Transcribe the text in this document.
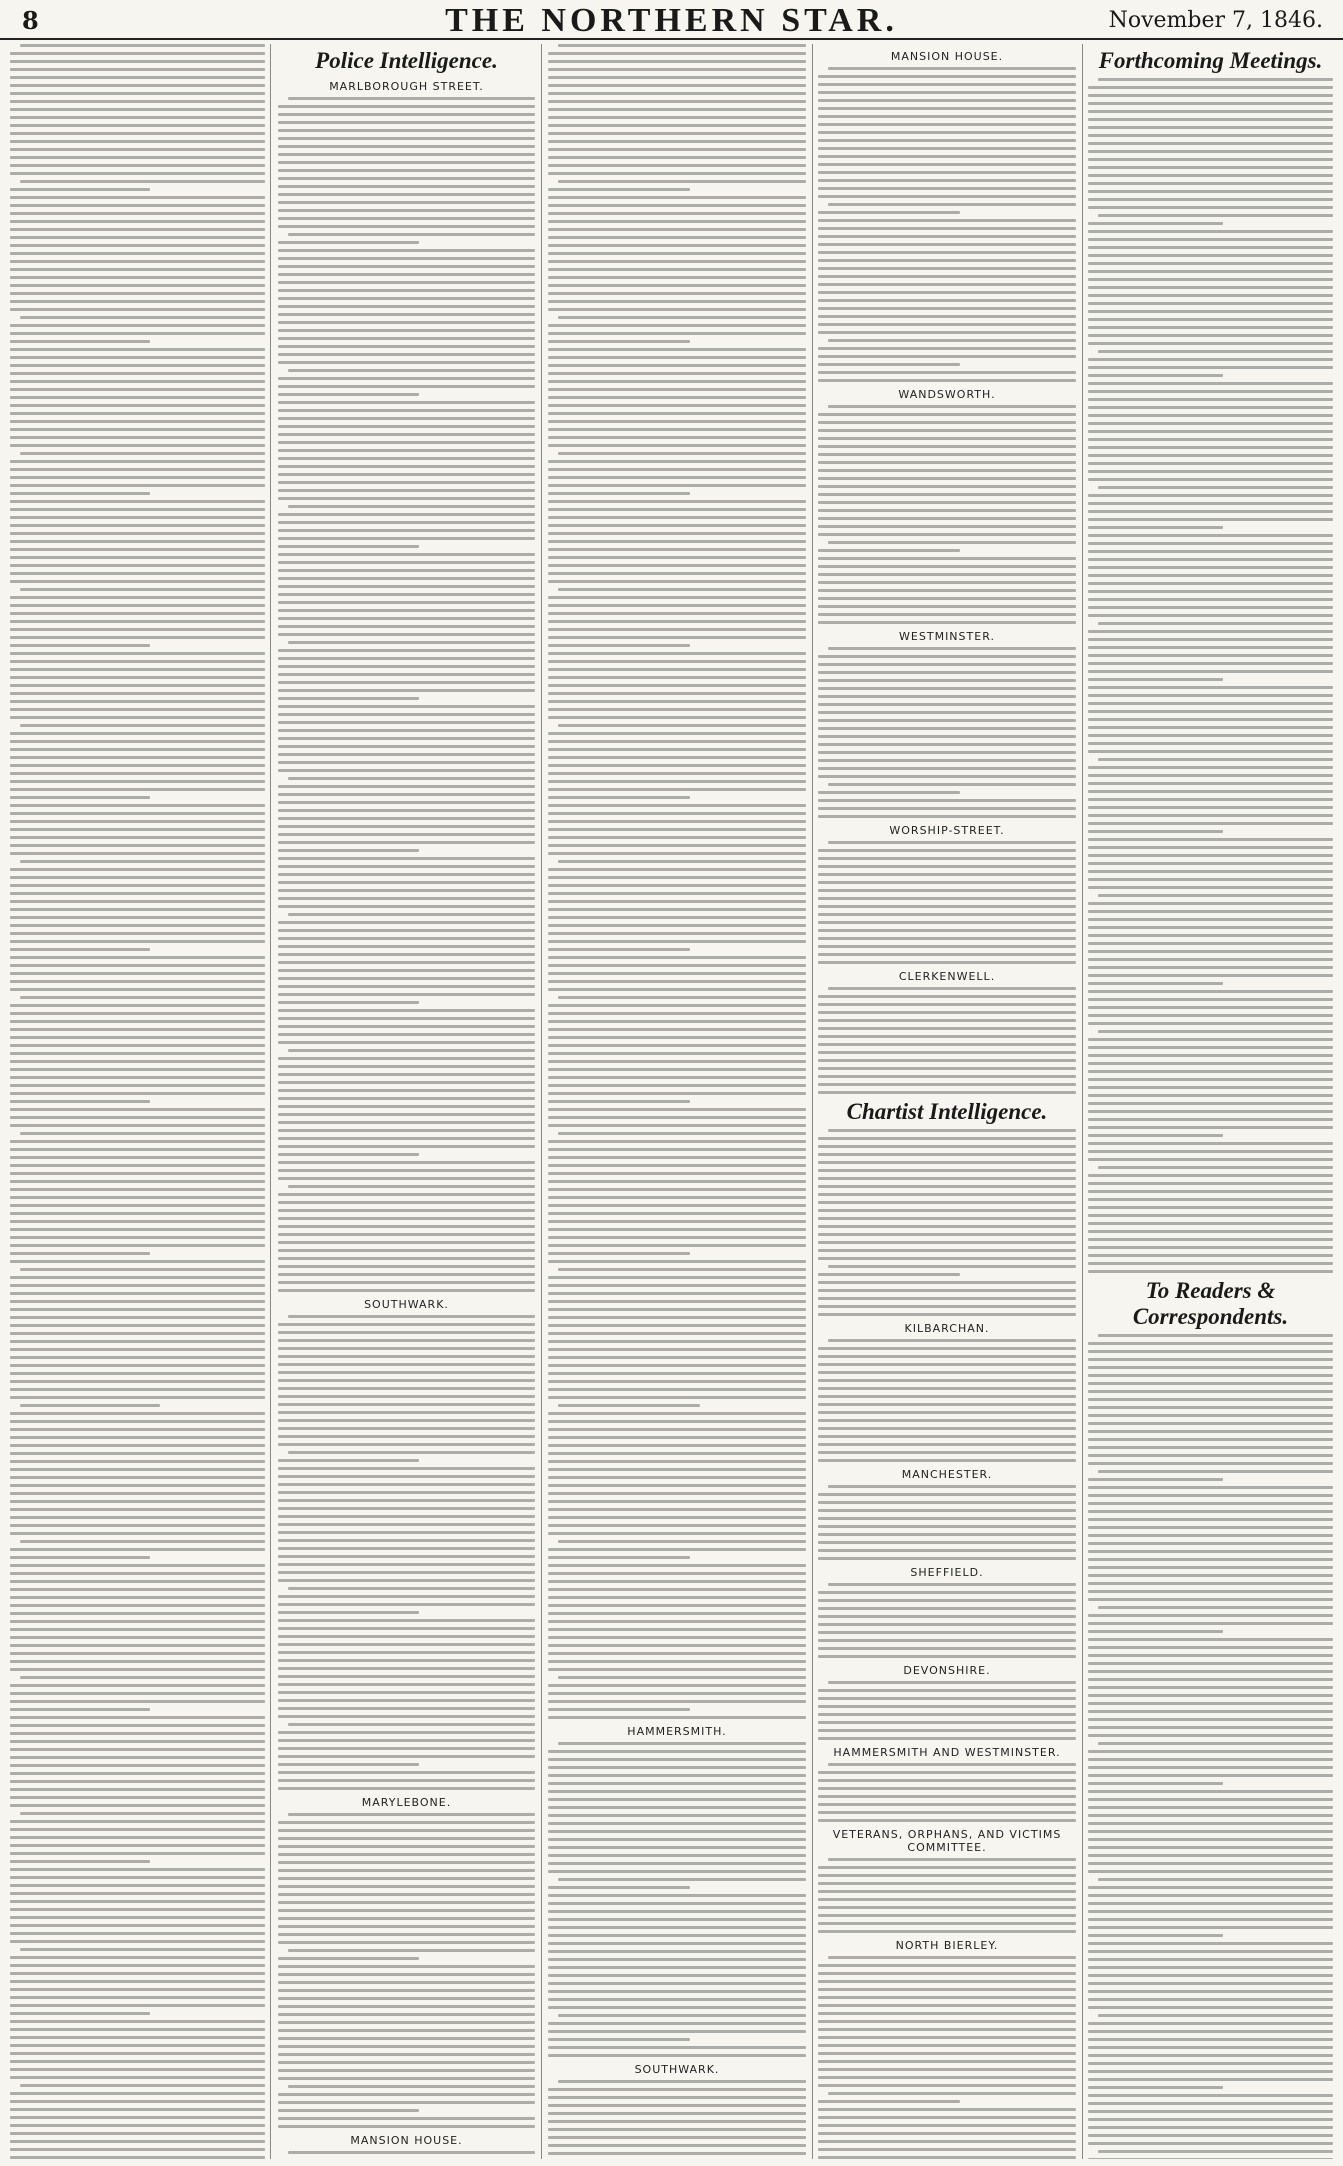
8	THE NORTHERN STAR.	November 7, 1846.
Police Intelligence.
MARLBOROUGH STREET.
SOUTHWARK.
MARYLEBONE.
MANSION HOUSE.
HAMMERSMITH.
SOUTHWARK.
MANSION HOUSE.
WANDSWORTH.
WESTMINSTER.
WORSHIP-STREET.
CLERKENWELL.
Chartist Intelligence.
KILBARCHAN.
MANCHESTER.
SHEFFIELD.
DEVONSHIRE.
HAMMERSMITH AND WESTMINSTER.
VETERANS, ORPHANS, AND VICTIMS COMMITTEE.
NORTH BIERLEY.
Forthcoming Meetings.
To Readers & Correspondents.
